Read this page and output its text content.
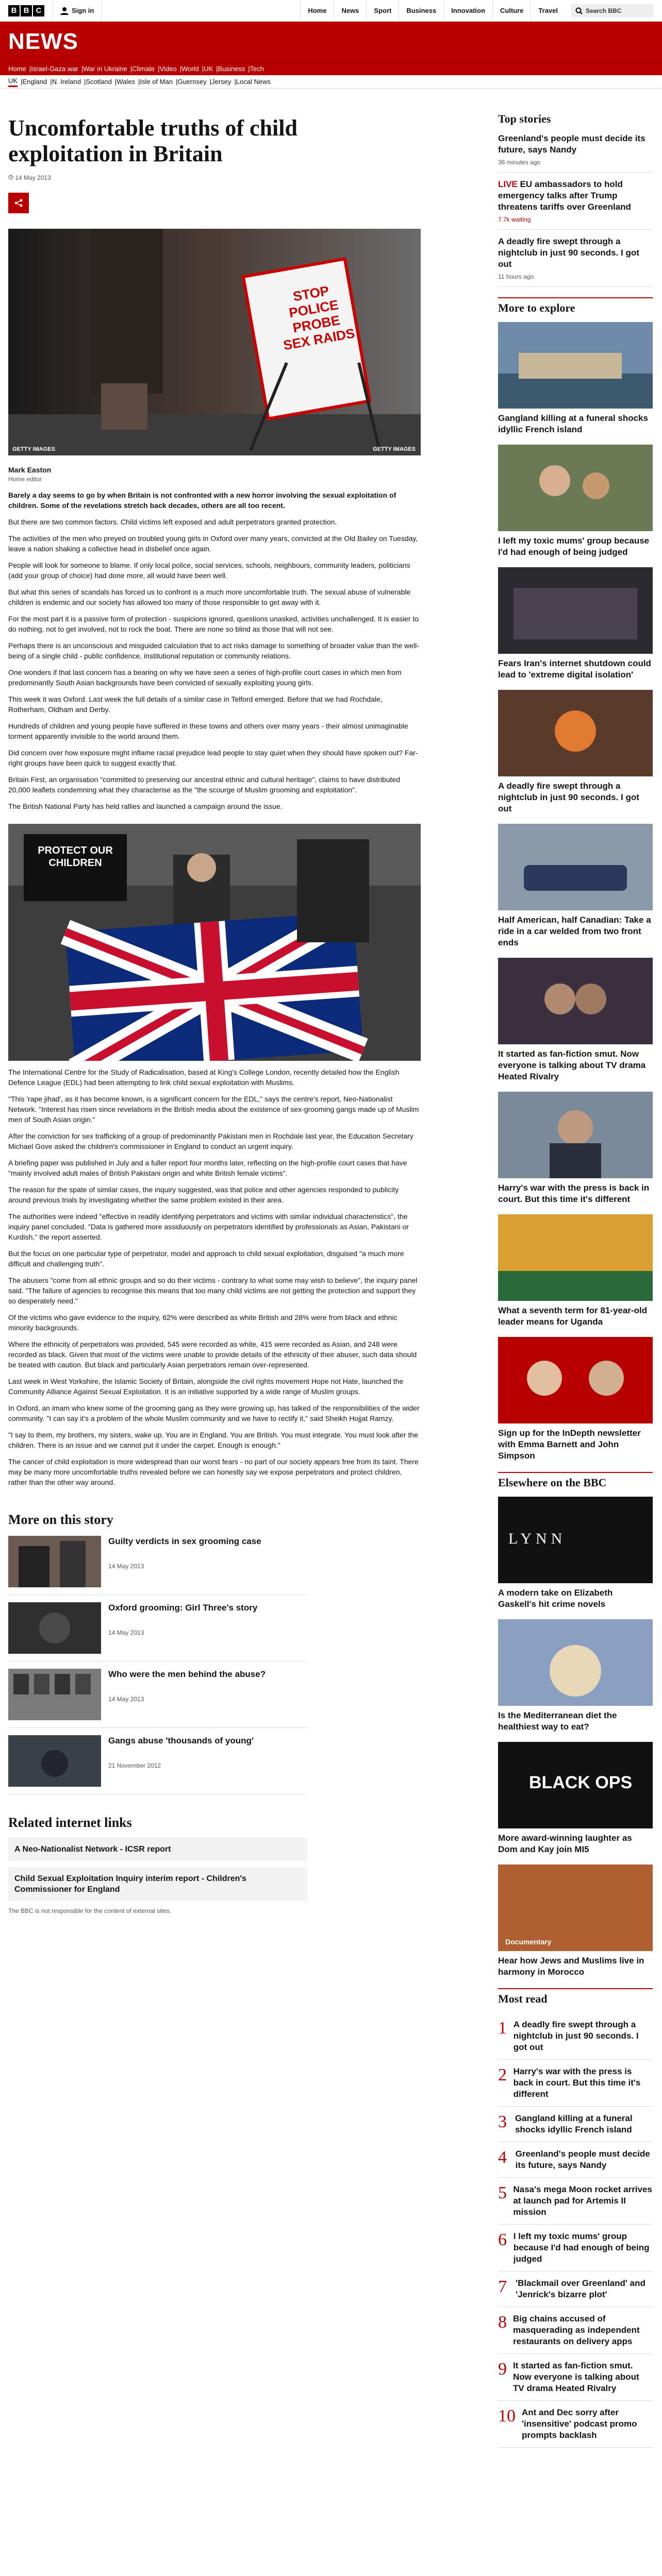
B B C	Sign in	Home	News	Sport	Business	Innovation	Culture	Travel	Search BBC
NEWS
Home | Israel-Gaza war | War in Ukraine | Climate | Video | World | UK | Business | Tech
UK | England | N. Ireland | Scotland | Wales | Isle of Man | Guernsey | Jersey | Local News
Uncomfortable truths of child exploitation in Britain
14 May 2013
STOP POLICE PROBE SEX RAIDS
GETTY IMAGES	GETTY IMAGES
Mark Easton
Home editor

Barely a day seems to go by when Britain is not confronted with a new horror involving the sexual exploitation of children. Some of the revelations stretch back decades, others are all too recent.

But there are two common factors. Child victims left exposed and adult perpetrators granted protection.

The activities of the men who preyed on troubled young girls in Oxford over many years, convicted at the Old Bailey on Tuesday, leave a nation shaking a collective head in disbelief once again.

People will look for someone to blame. If only local police, social services, schools, neighbours, community leaders, politicians (add your group of choice) had done more, all would have been well.

But what this series of scandals has forced us to confront is a much more uncomfortable truth. The sexual abuse of vulnerable children is endemic and our society has allowed too many of those responsible to get away with it.

For the most part it is a passive form of protection - suspicions ignored, questions unasked, activities unchallenged. It is easier to do nothing, not to get involved, not to rock the boat. There are none so blind as those that will not see.

Perhaps there is an unconscious and misguided calculation that to act risks damage to something of broader value than the well-being of a single child - public confidence, institutional reputation or community relations.

One wonders if that last concern has a bearing on why we have seen a series of high-profile court cases in which men from predominantly South Asian backgrounds have been convicted of sexually exploiting young girls.

This week it was Oxford. Last week the full details of a similar case in Telford emerged. Before that we had Rochdale, Rotherham, Oldham and Derby.

Hundreds of children and young people have suffered in these towns and others over many years - their almost unimaginable torment apparently invisible to the world around them.

Did concern over how exposure might inflame racial prejudice lead people to stay quiet when they should have spoken out? Far-right groups have been quick to suggest exactly that.

Britain First, an organisation "committed to preserving our ancestral ethnic and cultural heritage", claims to have distributed 20,000 leaflets condemning what they characterise as the "the scourge of Muslim grooming and exploitation".

The British National Party has held rallies and launched a campaign around the issue.

PROTECT OUR CHILDREN

The International Centre for the Study of Radicalisation, based at King's College London, recently detailed how the English Defence League (EDL) had been attempting to link child sexual exploitation with Muslims.

"This 'rape jihad', as it has become known, is a significant concern for the EDL," says the centre's report, Neo-Nationalist Network. "Interest has risen since revelations in the British media about the existence of sex-grooming gangs made up of Muslim men of South Asian origin."

After the conviction for sex trafficking of a group of predominantly Pakistani men in Rochdale last year, the Education Secretary Michael Gove asked the children's commissioner in England to conduct an urgent inquiry.

A briefing paper was published in July and a fuller report four months later, reflecting on the high-profile court cases that have "mainly involved adult males of British Pakistani origin and white British female victims".

The reason for the spate of similar cases, the inquiry suggested, was that police and other agencies responded to publicity around previous trials by investigating whether the same problem existed in their area.

The authorities were indeed "effective in readily identifying perpetrators and victims with similar individual characteristics", the inquiry panel concluded. "Data is gathered more assiduously on perpetrators identified by professionals as Asian, Pakistani or Kurdish," the report asserted.

But the focus on one particular type of perpetrator, model and approach to child sexual exploitation, disguised "a much more difficult and challenging truth".

The abusers "come from all ethnic groups and so do their victims - contrary to what some may wish to believe", the inquiry panel said. "The failure of agencies to recognise this means that too many child victims are not getting the protection and support they so desperately need."

Of the victims who gave evidence to the inquiry, 62% were described as white British and 28% were from black and ethnic minority backgrounds.

Where the ethnicity of perpetrators was provided, 545 were recorded as white, 415 were recorded as Asian, and 248 were recorded as black. Given that most of the victims were unable to provide details of the ethnicity of their abuser, such data should be treated with caution. But black and particularly Asian perpetrators remain over-represented.

Last week in West Yorkshire, the Islamic Society of Britain, alongside the civil rights movement Hope not Hate, launched the Community Alliance Against Sexual Exploitation. It is an initiative supported by a wide range of Muslim groups.

In Oxford, an imam who knew some of the grooming gang as they were growing up, has talked of the responsibilities of the wider community. "I can say it's a problem of the whole Muslim community and we have to rectify it," said Sheikh Hojjat Ramzy.

"I say to them, my brothers, my sisters, wake up. You are in England. You are British. You must integrate. You must look after the children. There is an issue and we cannot put it under the carpet. Enough is enough."

The cancer of child exploitation is more widespread than our worst fears - no part of our society appears free from its taint. There may be many more uncomfortable truths revealed before we can honestly say we expose perpetrators and protect children, rather than the other way around.

More on this story
Guilty verdicts in sex grooming case
14 May 2013
Oxford grooming: Girl Three's story
14 May 2013
Who were the men behind the abuse?
14 May 2013
Gangs abuse 'thousands of young'
21 November 2012
Related internet links
A Neo-Nationalist Network - ICSR report
Child Sexual Exploitation Inquiry interim report - Children's Commissioner for England
The BBC is not responsible for the content of external sites.
Top stories
Greenland's people must decide its future, says Nandy
36 minutes ago
LIVE EU ambassadors to hold emergency talks after Trump threatens tariffs over Greenland
7.7k waiting
A deadly fire swept through a nightclub in just 90 seconds. I got out
11 hours ago
More to explore
Gangland killing at a funeral shocks idyllic French island
I left my toxic mums' group because I'd had enough of being judged
Fears Iran's internet shutdown could lead to 'extreme digital isolation'
A deadly fire swept through a nightclub in just 90 seconds. I got out
Half American, half Canadian: Take a ride in a car welded from two front ends
It started as fan-fiction smut. Now everyone is talking about TV drama Heated Rivalry
Harry's war with the press is back in court. But this time it's different
What a seventh term for 81-year-old leader means for Uganda
Sign up for the InDepth newsletter with Emma Barnett and John Simpson
Elsewhere on the BBC
LYNN
A modern take on Elizabeth Gaskell's hit crime novels
Is the Mediterranean diet the healthiest way to eat?
BLACK OPS
More award-winning laughter as Dom and Kay join MI5
Documentary
Hear how Jews and Muslims live in harmony in Morocco
Most read
1 A deadly fire swept through a nightclub in just 90 seconds. I got out
2 Harry's war with the press is back in court. But this time it's different
3 Gangland killing at a funeral shocks idyllic French island
4 Greenland's people must decide its future, says Nandy
5 Nasa's mega Moon rocket arrives at launch pad for Artemis II mission
6 I left my toxic mums' group because I'd had enough of being judged
7 'Blackmail over Greenland' and 'Jenrick's bizarre plot'
8 Big chains accused of masquerading as independent restaurants on delivery apps
9 It started as fan-fiction smut. Now everyone is talking about TV drama Heated Rivalry
10 Ant and Dec sorry after 'insensitive' podcast promo prompts backlash
